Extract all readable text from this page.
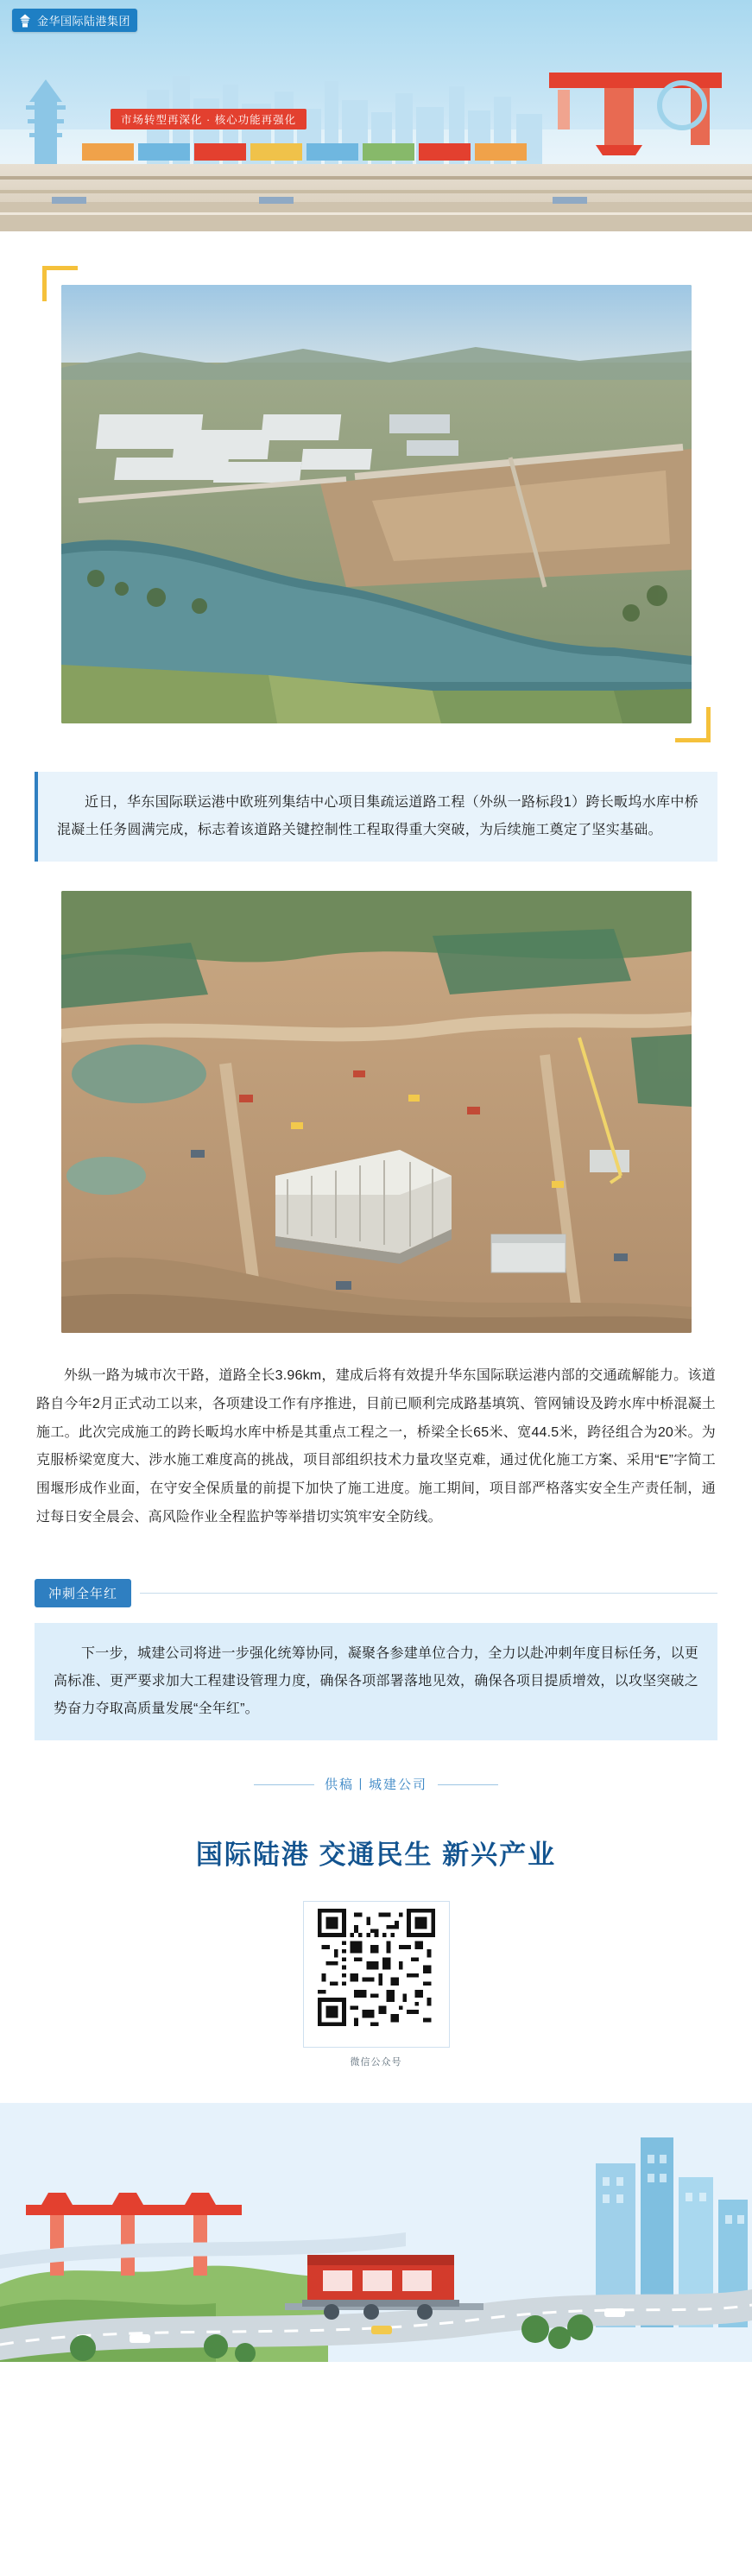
金华国际陆港集团
市场转型再深化 · 核心功能再强化
近日，华东国际联运港中欧班列集结中心项目集疏运道路工程（外纵一路标段1）跨长畈坞水库中桥混凝土任务圆满完成，标志着该道路关键控制性工程取得重大突破，为后续施工奠定了坚实基础。
外纵一路为城市次干路，道路全长3.96km，建成后将有效提升华东国际联运港内部的交通疏解能力。该道路自今年2月正式动工以来，各项建设工作有序推进，目前已顺利完成路基填筑、管网铺设及跨水库中桥混凝土施工。此次完成施工的跨长畈坞水库中桥是其重点工程之一，桥梁全长65米、宽44.5米，跨径组合为20米。为克服桥梁宽度大、涉水施工难度高的挑战，项目部组织技术力量攻坚克难，通过优化施工方案、采用“E”字简工围堰形成作业面，在守安全保质量的前提下加快了施工进度。施工期间，项目部严格落实安全生产责任制，通过每日安全晨会、高风险作业全程监护等举措切实筑牢安全防线。
冲刺全年红
下一步，城建公司将进一步强化统筹协同，凝聚各参建单位合力，全力以赴冲刺年度目标任务，以更高标准、更严要求加大工程建设管理力度，确保各项部署落地见效，确保各项目提质增效，以攻坚突破之势奋力夺取高质量发展“全年红”。
供稿丨城建公司
国际陆港 交通民生 新兴产业
微信公众号
